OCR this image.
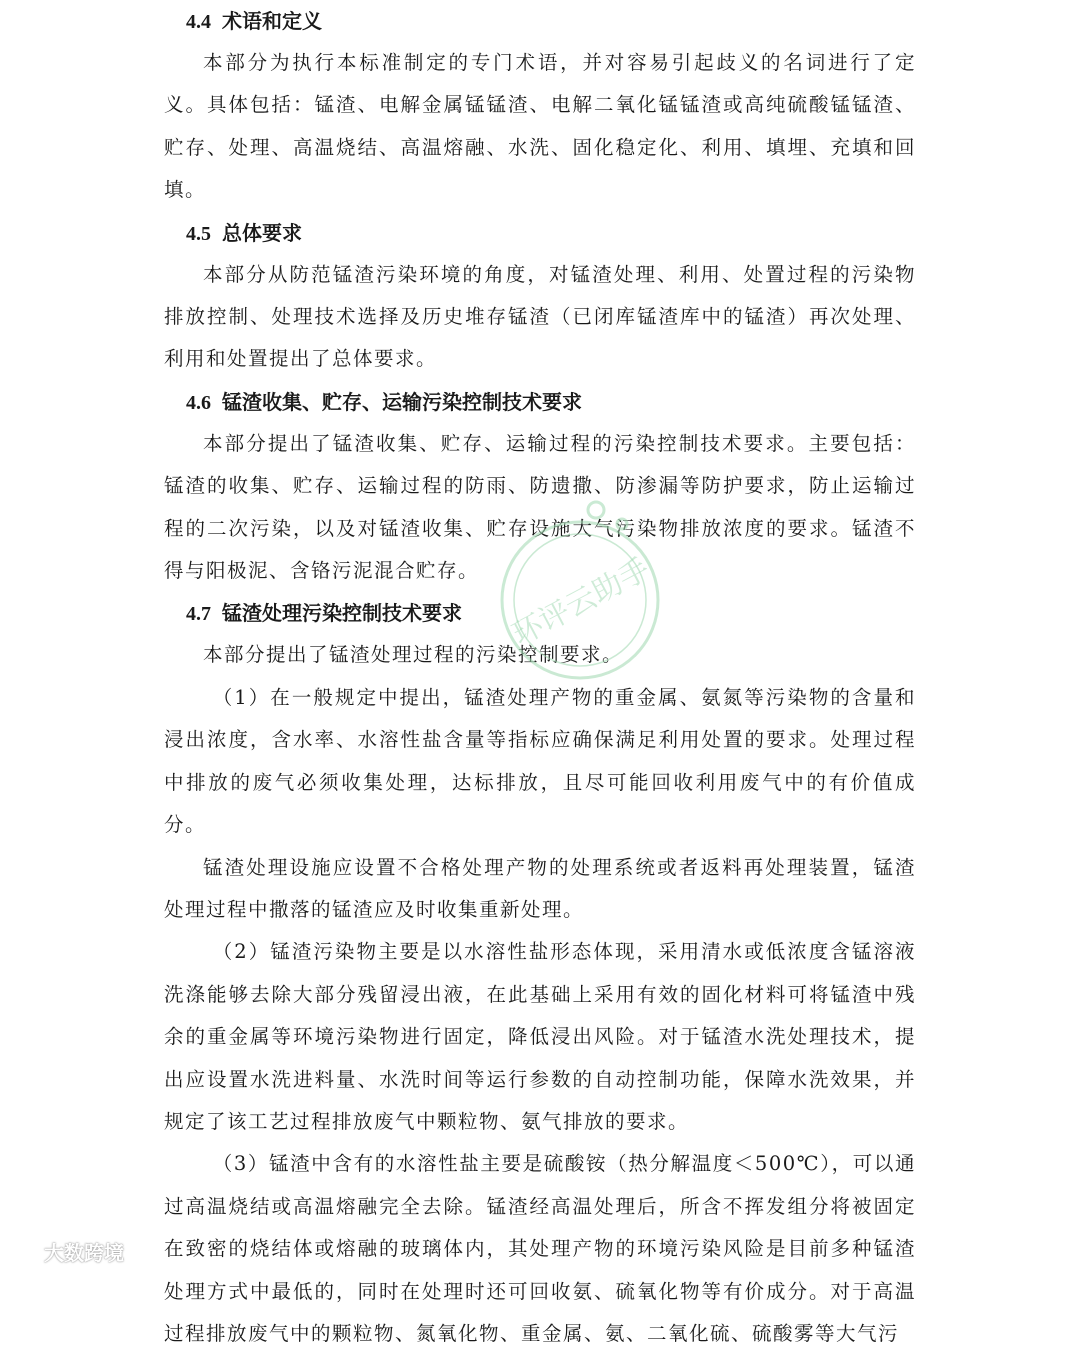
4.4 术语和定义

本部分为执行本标准制定的专门术语，并对容易引起歧义的名词进行了定义。具体包括：锰渣、电解金属锰锰渣、电解二氧化锰锰渣或高纯硫酸锰锰渣、贮存、处理、高温烧结、高温熔融、水洗、固化稳定化、利用、填埋、充填和回填。

4.5 总体要求

本部分从防范锰渣污染环境的角度，对锰渣处理、利用、处置过程的污染物排放控制、处理技术选择及历史堆存锰渣（已闭库锰渣库中的锰渣）再次处理、利用和处置提出了总体要求。

4.6 锰渣收集、贮存、运输污染控制技术要求

本部分提出了锰渣收集、贮存、运输过程的污染控制技术要求。主要包括：锰渣的收集、贮存、运输过程的防雨、防遗撒、防渗漏等防护要求，防止运输过程的二次污染，以及对锰渣收集、贮存设施大气污染物排放浓度的要求。锰渣不得与阳极泥、含铬污泥混合贮存。

4.7 锰渣处理污染控制技术要求

本部分提出了锰渣处理过程的污染控制要求。

（1）在一般规定中提出，锰渣处理产物的重金属、氨氮等污染物的含量和浸出浓度，含水率、水溶性盐含量等指标应确保满足利用处置的要求。处理过程中排放的废气必须收集处理，达标排放，且尽可能回收利用废气中的有价值成分。

锰渣处理设施应设置不合格处理产物的处理系统或者返料再处理装置，锰渣处理过程中撒落的锰渣应及时收集重新处理。

（2）锰渣污染物主要是以水溶性盐形态体现，采用清水或低浓度含锰溶液洗涤能够去除大部分残留浸出液，在此基础上采用有效的固化材料可将锰渣中残余的重金属等环境污染物进行固定，降低浸出风险。对于锰渣水洗处理技术，提出应设置水洗进料量、水洗时间等运行参数的自动控制功能，保障水洗效果，并规定了该工艺过程排放废气中颗粒物、氨气排放的要求。

（3）锰渣中含有的水溶性盐主要是硫酸铵（热分解温度＜500℃），可以通过高温烧结或高温熔融完全去除。锰渣经高温处理后，所含不挥发组分将被固定在致密的烧结体或熔融的玻璃体内，其处理产物的环境污染风险是目前多种锰渣处理方式中最低的，同时在处理时还可回收氨、硫氧化物等有价成分。对于高温过程排放废气中的颗粒物、氮氧化物、重金属、氨、二氧化硫、硫酸雾等大气污

环评云助手
大数跨境
